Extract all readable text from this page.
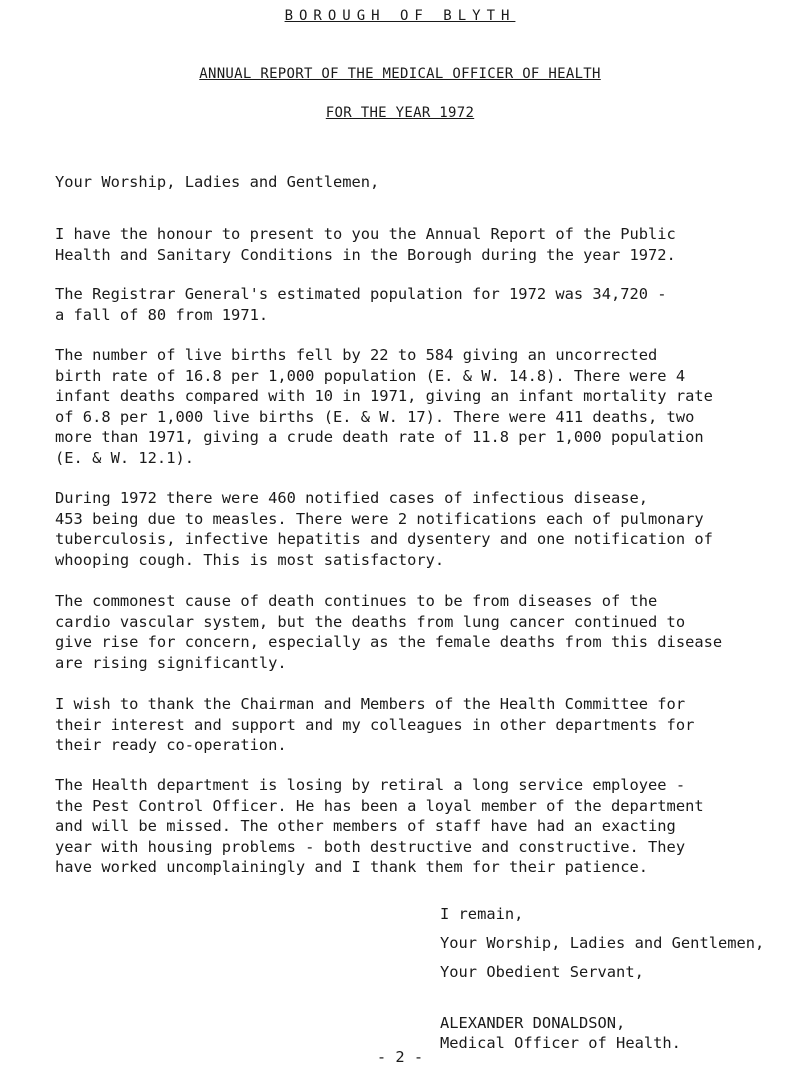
BOROUGH OF BLYTH
ANNUAL REPORT OF THE MEDICAL OFFICER OF HEALTH
FOR THE YEAR 1972
Your Worship, Ladies and Gentlemen,
I have the honour to present to you the Annual Report of the Public
Health and Sanitary Conditions in the Borough during the year 1972.
The Registrar General's estimated population for 1972 was 34,720 -
a fall of 80 from 1971.
The number of live births fell by 22 to 584 giving an uncorrected
birth rate of 16.8 per 1,000 population (E. & W. 14.8). There were 4
infant deaths compared with 10 in 1971, giving an infant mortality rate
of 6.8 per 1,000 live births (E. & W. 17). There were 411 deaths, two
more than 1971, giving a crude death rate of 11.8 per 1,000 population
(E. & W. 12.1).
During 1972 there were 460 notified cases of infectious disease,
453 being due to measles. There were 2 notifications each of pulmonary
tuberculosis, infective hepatitis and dysentery and one notification of
whooping cough. This is most satisfactory.
The commonest cause of death continues to be from diseases of the
cardio vascular system, but the deaths from lung cancer continued to
give rise for concern, especially as the female deaths from this disease
are rising significantly.
I wish to thank the Chairman and Members of the Health Committee for
their interest and support and my colleagues in other departments for
their ready co-operation.
The Health department is losing by retiral a long service employee -
the Pest Control Officer. He has been a loyal member of the department
and will be missed. The other members of staff have had an exacting
year with housing problems - both destructive and constructive. They
have worked uncomplainingly and I thank them for their patience.
I remain,
Your Worship, Ladies and Gentlemen,
Your Obedient Servant,
ALEXANDER DONALDSON,
Medical Officer of Health.
- 2 -
